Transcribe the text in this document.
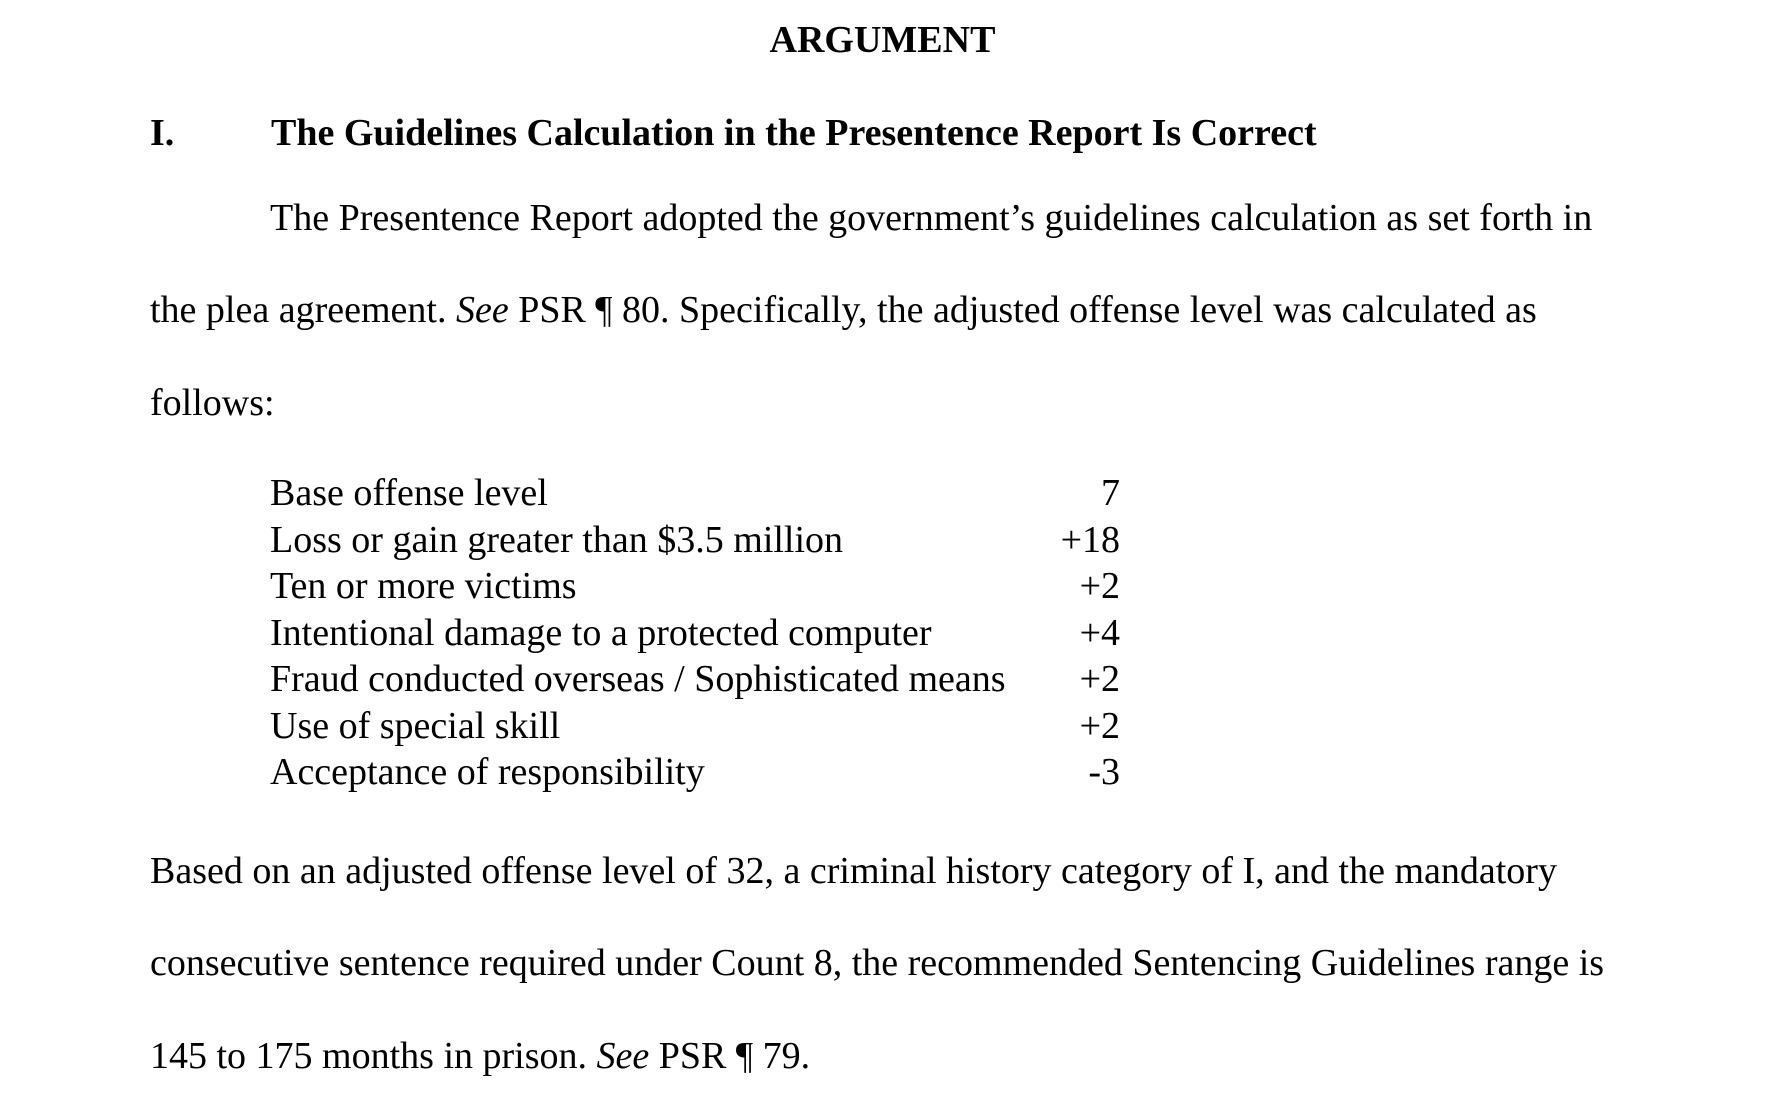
ARGUMENT
I.	The Guidelines Calculation in the Presentence Report Is Correct
The Presentence Report adopted the government’s guidelines calculation as set forth in
the plea agreement. See PSR ¶ 80. Specifically, the adjusted offense level was calculated as
follows:
Base offense level	7
Loss or gain greater than $3.5 million	+18
Ten or more victims	+2
Intentional damage to a protected computer	+4
Fraud conducted overseas / Sophisticated means	+2
Use of special skill	+2
Acceptance of responsibility	-3
Based on an adjusted offense level of 32, a criminal history category of I, and the mandatory
consecutive sentence required under Count 8, the recommended Sentencing Guidelines range is
145 to 175 months in prison. See PSR ¶ 79.
